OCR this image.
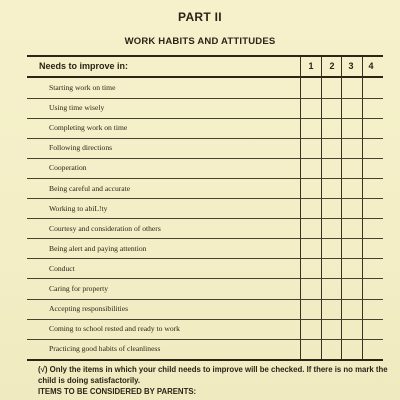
PART II
WORK HABITS AND ATTITUDES
Needs to improve in:	1	2	3	4
Starting work on time
Using time wisely
Completing work on time
Following directions
Cooperation
Being careful and accurate
Working to abiL!ty
Courtesy and consideration of others
Being alert and paying attention
Conduct
Caring for property
Accepting responsibilities
Coming to school rested and ready to work
Practicing good habits of cleanliness
(√) Only the items in which your child needs to improve will be checked. If there is no mark the child is doing satisfactorily.
ITEMS TO BE CONSIDERED BY PARENTS:
